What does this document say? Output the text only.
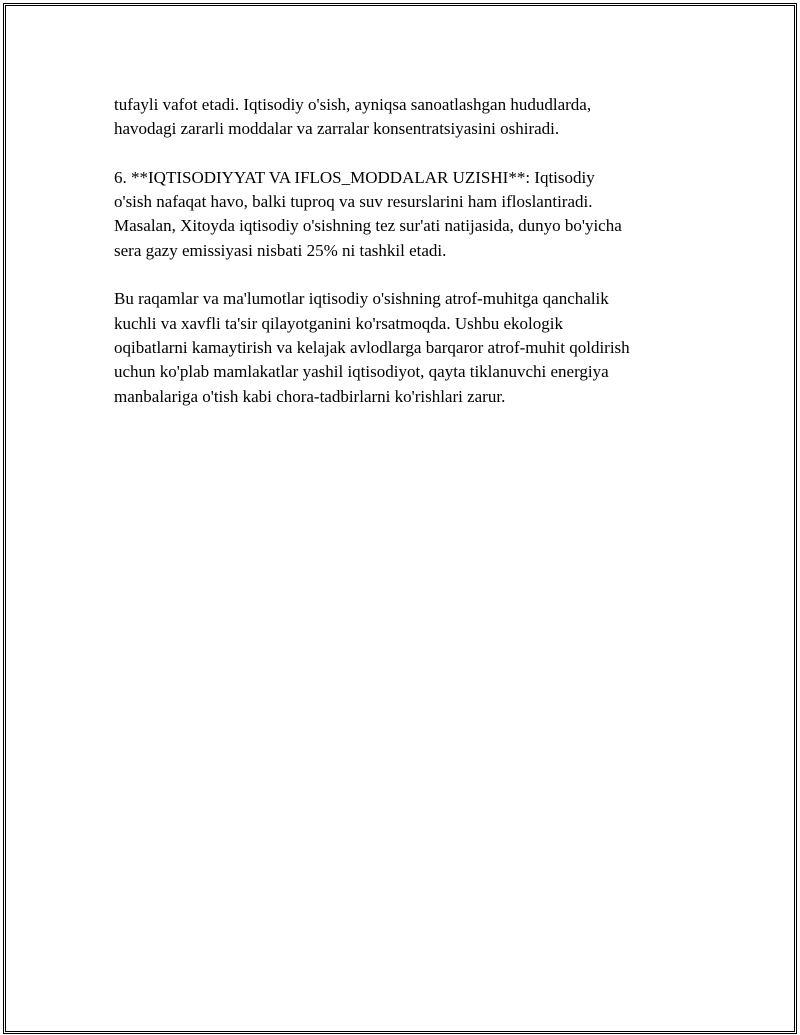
tufayli vafot etadi. Iqtisodiy o'sish, ayniqsa sanoatlashgan hududlarda,
havodagi zararli moddalar va zarralar konsentratsiyasini oshiradi.

6. **IQTISODIYYAT VA IFLOS_MODDALAR UZISHI**: Iqtisodiy
o'sish nafaqat havo, balki tuproq va suv resurslarini ham ifloslantiradi.
Masalan, Xitoyda iqtisodiy o'sishning tez sur'ati natijasida, dunyo bo'yicha
sera gazy emissiyasi nisbati 25% ni tashkil etadi.

Bu raqamlar va ma'lumotlar iqtisodiy o'sishning atrof-muhitga qanchalik
kuchli va xavfli ta'sir qilayotganini ko'rsatmoqda. Ushbu ekologik
oqibatlarni kamaytirish va kelajak avlodlarga barqaror atrof-muhit qoldirish
uchun ko'plab mamlakatlar yashil iqtisodiyot, qayta tiklanuvchi energiya
manbalariga o'tish kabi chora-tadbirlarni ko'rishlari zarur.
